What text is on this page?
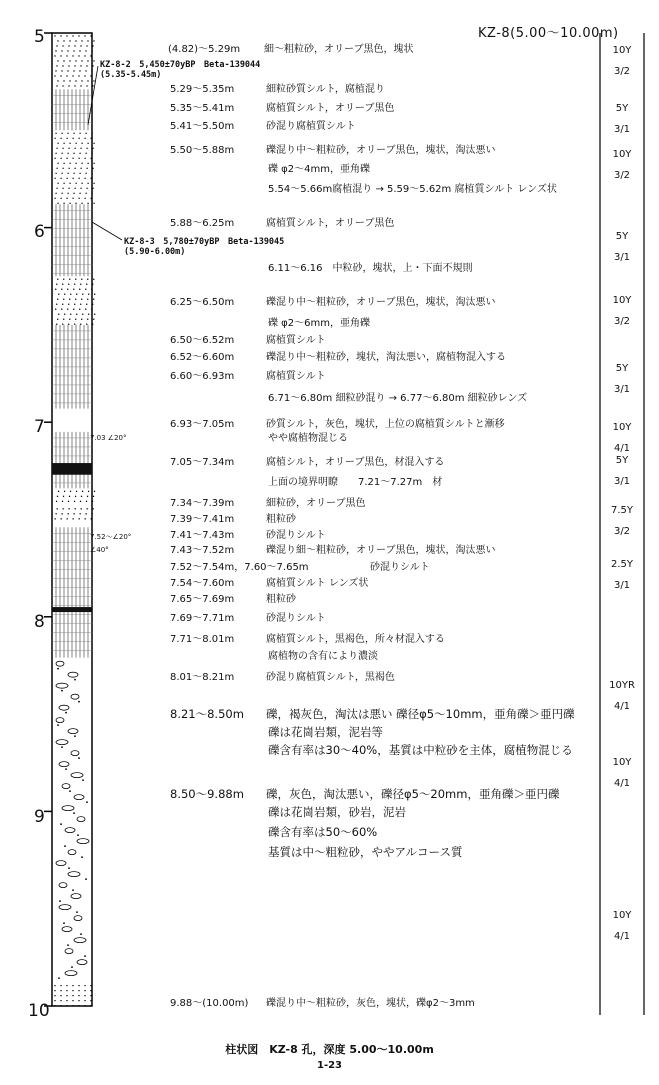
KZ-8(5.00～10.00m)
5
6
7
8
9
10
KZ-8-2　5,450±70yBP　Beta-139044
(5.35-5.45m)
KZ-8-3　5,780±70yBP　Beta-139045
(5.90-6.00m)
7.03 ∠20°
7.52～∠20°
∠40°
(4.82)～5.29m 細～粗粒砂，オリーブ黒色，塊状
5.29～5.35m	細粒砂質シルト，腐植混り
5.35～5.41m	腐植質シルト，オリーブ黒色
5.41～5.50m	砂混り腐植質シルト
5.50～5.88m	礫混り中～粗粒砂，オリーブ黒色，塊状，淘汰悪い
礫 φ2～4mm，亜角礫
5.54～5.66m腐植混り → 5.59～5.62m 腐植質シルト レンズ状
5.88～6.25m	腐植質シルト，オリーブ黒色
6.11～6.16　中粒砂，塊状，上・下面不規則
6.25～6.50m	礫混り中～粗粒砂，オリーブ黒色，塊状，淘汰悪い
礫 φ2～6mm，亜角礫
6.50～6.52m	腐植質シルト
6.52～6.60m	礫混り中～粗粒砂，塊状，淘汰悪い，腐植物混入する
6.60～6.93m	腐植質シルト
6.71～6.80m 細粒砂混り → 6.77～6.80m 細粒砂レンズ
6.93～7.05m	砂質シルト，灰色，塊状，上位の腐植質シルトと漸移
やや腐植物混じる
7.05～7.34m	腐植シルト，オリーブ黒色，材混入する
上面の境界明瞭　　7.21～7.27m　材
7.34～7.39m	細粒砂，オリーブ黒色
7.39～7.41m	粗粒砂
7.41～7.43m	砂混りシルト
7.43～7.52m	礫混り細～粗粒砂，オリーブ黒色，塊状，淘汰悪い
7.52～7.54m，7.60～7.65m	砂混りシルト
7.54～7.60m	腐植質シルト レンズ状
7.65～7.69m	粗粒砂
7.69～7.71m	砂混りシルト
7.71～8.01m	腐植質シルト，黒褐色，所々材混入する
腐植物の含有により濃淡
8.01～8.21m	砂混り腐植質シルト，黒褐色
8.21～8.50m 礫，褐灰色，淘汰は悪い 礫径φ5～10mm，亜角礫＞亜円礫
礫は花崗岩類，泥岩等
礫含有率は30～40%，基質は中粒砂を主体，腐植物混じる
8.50～9.88m 礫，灰色，淘汰悪い，礫径φ5～20mm，亜角礫＞亜円礫
礫は花崗岩類，砂岩，泥岩
礫含有率は50～60%
基質は中～粗粒砂，ややアルコース質
9.88～(10.00m) 礫混り中～粗粒砂，灰色，塊状，礫φ2～3mm
10Y
3/2
5Y
3/1
10Y
3/2
5Y
3/1
10Y
3/2
5Y
3/1
10Y
4/1
5Y
3/1
7.5Y
3/2
2.5Y
3/1
10YR
4/1
10Y
4/1
10Y
4/1
柱状図　KZ-8 孔，深度 5.00～10.00m
1-23
